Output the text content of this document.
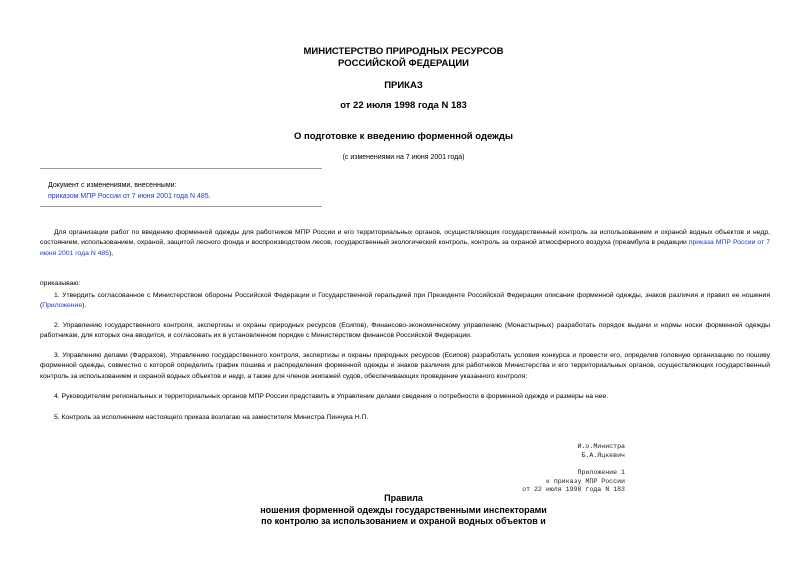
МИНИСТЕРСТВО ПРИРОДНЫХ РЕСУРСОВ
РОССИЙСКОЙ ФЕДЕРАЦИИ
ПРИКАЗ
от 22 июля 1998 года N 183
О подготовке к введению форменной одежды
(с изменениями на 7 июня 2001 года)
Документ с изменениями, внесенными:
приказом МПР России от 7 июня 2001 года N 485.
Для организации работ по введению форменной одежды для работников МПР России и его территориальных органов, осуществляющих государственный контроль за использованием и охраной водных объектов и недр, состоянием, использованием, охраной, защитой лесного фонда и воспроизводством лесов, государственный экологический контроль, контроль за охраной атмосферного воздуха (преамбула в редакции приказа МПР России от 7 июня 2001 года N 485),
приказываю:
1. Утвердить согласованное с Министерством обороны Российской Федерации и Государственной геральдией при Президенте Российской Федерации описание форменной одежды, знаков различия и правил ее ношения (Приложение).
2. Управлению государственного контроля, экспертизы и охраны природных ресурсов (Есипов), Финансово-экономическому управлению (Монастырных) разработать порядок выдачи и нормы носки форменной одежды работникам, для которых она вводится, и согласовать их в установленном порядке с Министерством финансов Российской Федерации.
3. Управлению делами (Фаррахов), Управлению государственного контроля, экспертизы и охраны природных ресурсов (Есипов) разработать условия конкурса и провести его, определив головную организацию по пошиву форменной одежды, совместно с которой определить график пошива и распределения форменной одежды и знаков различия для работников Министерства и его территориальных органов, осуществляющих государственный контроль за использованием и охраной водных объектов и недр, а также для членов экипажей судов, обеспечивающих проведение указанного контроля;
4. Руководителям региональных и территориальных органов МПР России представить в Управление делами сведения о потребности в форменной одежде и размеры на нее.
5. Контроль за исполнением настоящего приказа возлагаю на заместителя Министра Пинчука Н.П.
И.о.Министра
Б.А.Яцкевич
Приложение 1
к приказу МПР России
от 22 июля 1998 года N 183
Правила
ношения форменной одежды государственными инспекторами
по контролю за использованием и охраной водных объектов и
